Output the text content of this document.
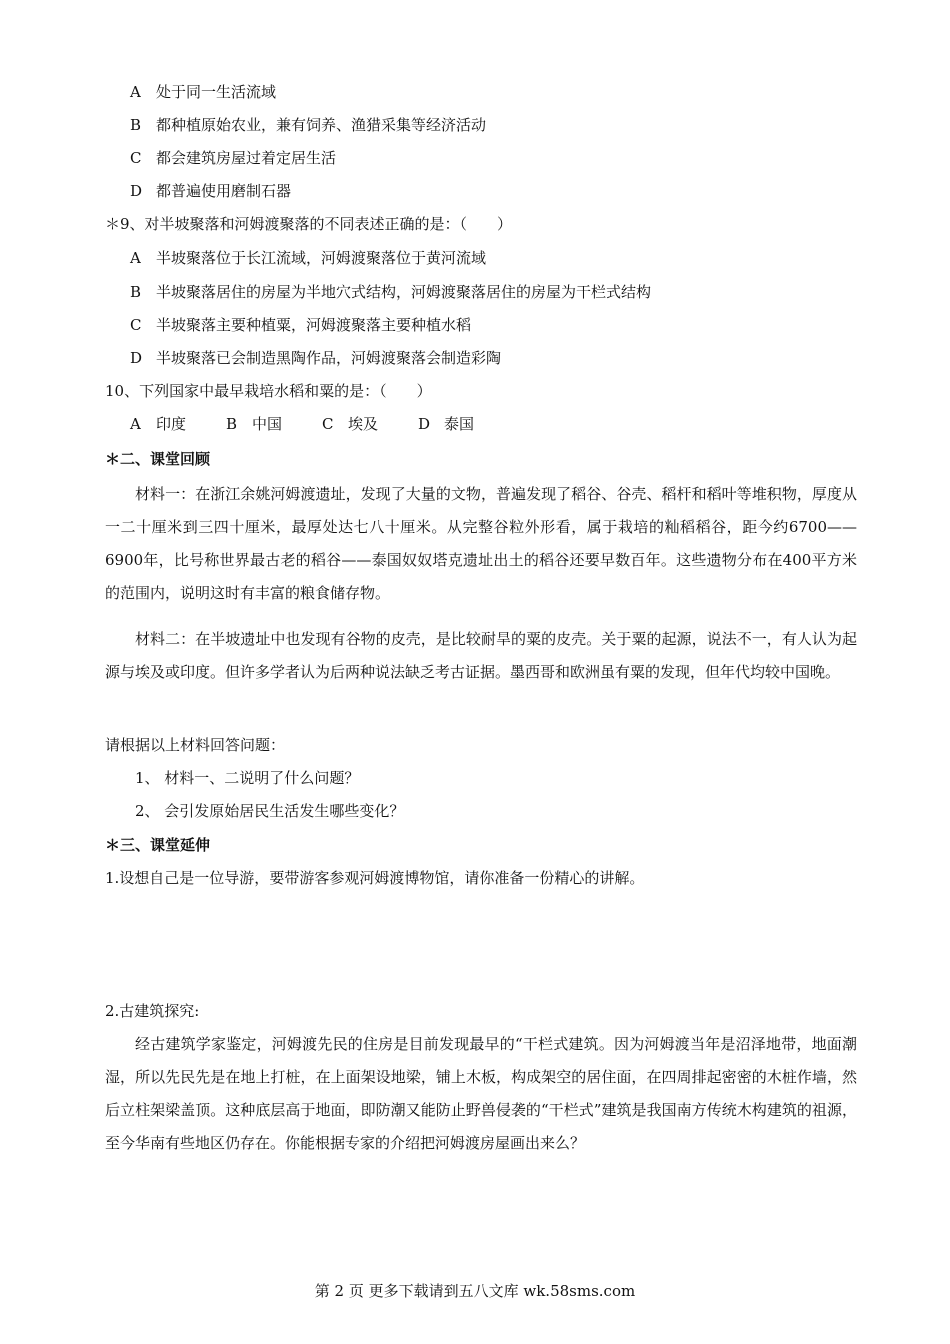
A 处于同一生活流域
B 都种植原始农业，兼有饲养、渔猎采集等经济活动
C 都会建筑房屋过着定居生活
D 都普遍使用磨制石器
＊9、对半坡聚落和河姆渡聚落的不同表述正确的是：（　　）
A 半坡聚落位于长江流域，河姆渡聚落位于黄河流域
B 半坡聚落居住的房屋为半地穴式结构，河姆渡聚落居住的房屋为干栏式结构
C 半坡聚落主要种植粟，河姆渡聚落主要种植水稻
D 半坡聚落已会制造黑陶作品，河姆渡聚落会制造彩陶
10、下列国家中最早栽培水稻和粟的是：（　　）
A 印度	B 中国	C 埃及	D 泰国
＊二、课堂回顾
材料一：在浙江余姚河姆渡遗址，发现了大量的文物，普遍发现了稻谷、谷壳、稻杆和稻叶等堆积物，厚度从一二十厘米到三四十厘米，最厚处达七八十厘米。从完整谷粒外形看，属于栽培的籼稻稻谷，距今约6700——6900年，比号称世界最古老的稻谷——泰国奴奴塔克遗址出土的稻谷还要早数百年。这些遗物分布在400平方米的范围内，说明这时有丰富的粮食储存物。
材料二：在半坡遗址中也发现有谷物的皮壳，是比较耐旱的粟的皮壳。关于粟的起源，说法不一，有人认为起源与埃及或印度。但许多学者认为后两种说法缺乏考古证据。墨西哥和欧洲虽有粟的发现，但年代均较中国晚。
请根据以上材料回答问题：
1、 材料一、二说明了什么问题？
2、 会引发原始居民生活发生哪些变化？
＊三、课堂延伸
1.设想自己是一位导游，要带游客参观河姆渡博物馆，请你准备一份精心的讲解。
2.古建筑探究:
经古建筑学家鉴定，河姆渡先民的住房是目前发现最早的“干栏式建筑。因为河姆渡当年是沼泽地带，地面潮湿，所以先民先是在地上打桩，在上面架设地梁，铺上木板，构成架空的居住面，在四周排起密密的木桩作墙，然后立柱架梁盖顶。这种底层高于地面，即防潮又能防止野兽侵袭的“干栏式”建筑是我国南方传统木构建筑的祖源，至今华南有些地区仍存在。你能根据专家的介绍把河姆渡房屋画出来么？
第 2 页 更多下载请到五八文库 wk.58sms.com
